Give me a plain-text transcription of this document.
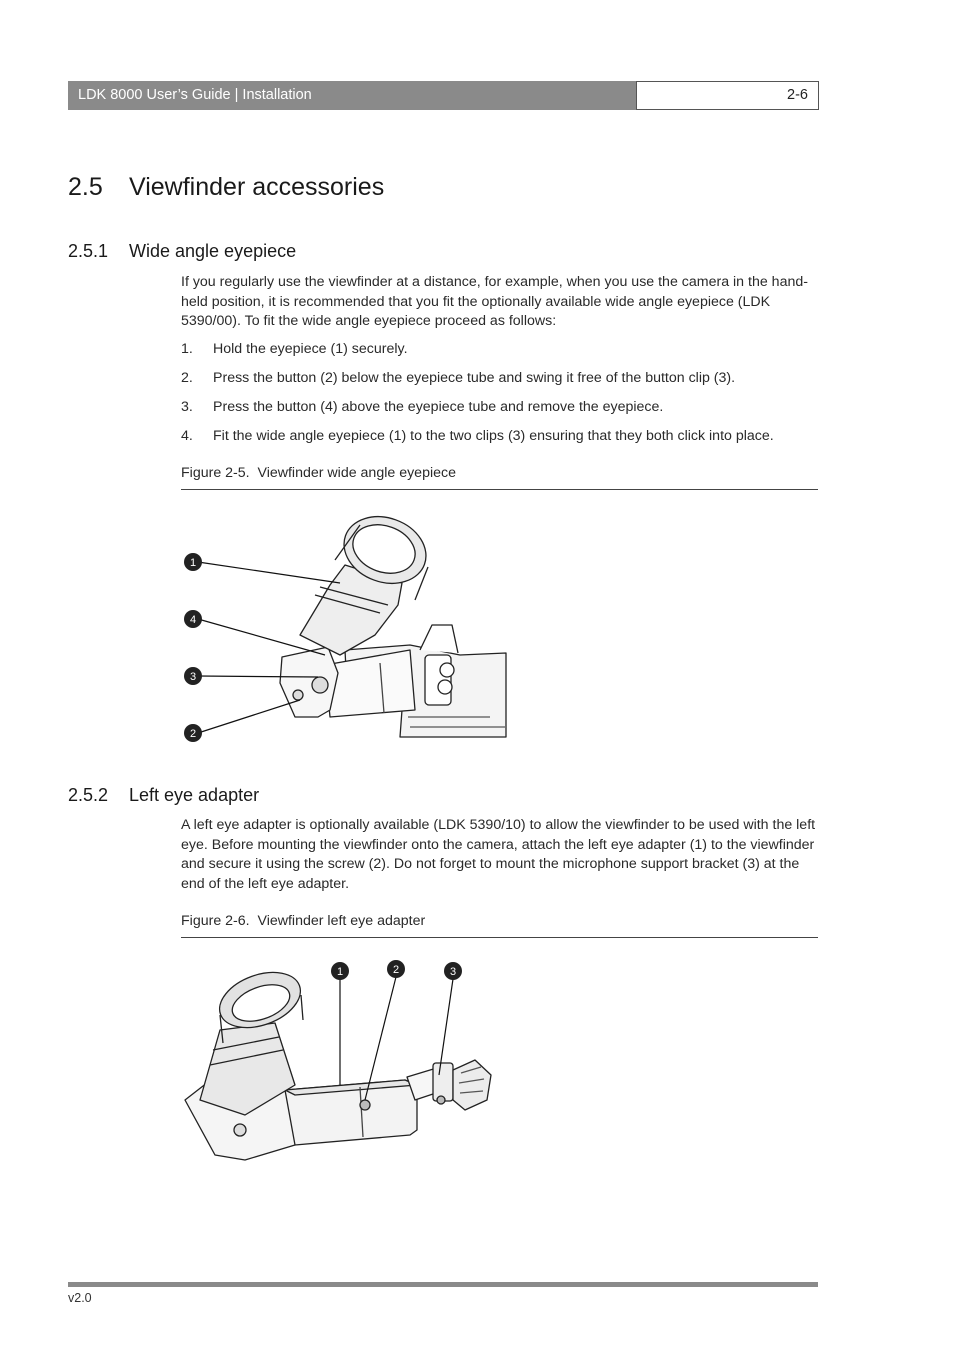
LDK 8000 User’s Guide | Installation	2-6
2.5 Viewfinder accessories
2.5.1 Wide angle eyepiece
If you regularly use the viewfinder at a distance, for example, when you use the camera in the hand-held position, it is recommended that you fit the optionally available wide angle eyepiece (LDK 5390/00). To fit the wide angle eyepiece proceed as follows:
1. Hold the eyepiece (1) securely.
2. Press the button (2) below the eyepiece tube and swing it free of the button clip (3).
3. Press the button (4) above the eyepiece tube and remove the eyepiece.
4. Fit the wide angle eyepiece (1) to the two clips (3) ensuring that they both click into place.
Figure 2-5. Viewfinder wide angle eyepiece
1
4
3
2
2.5.2 Left eye adapter
A left eye adapter is optionally available (LDK 5390/10) to allow the viewfinder to be used with the left eye. Before mounting the viewfinder onto the camera, attach the left eye adapter (1) to the viewfinder and secure it using the screw (2). Do not forget to mount the microphone support bracket (3) at the end of the left eye adapter.
Figure 2-6. Viewfinder left eye adapter
1	2	3
v2.0
